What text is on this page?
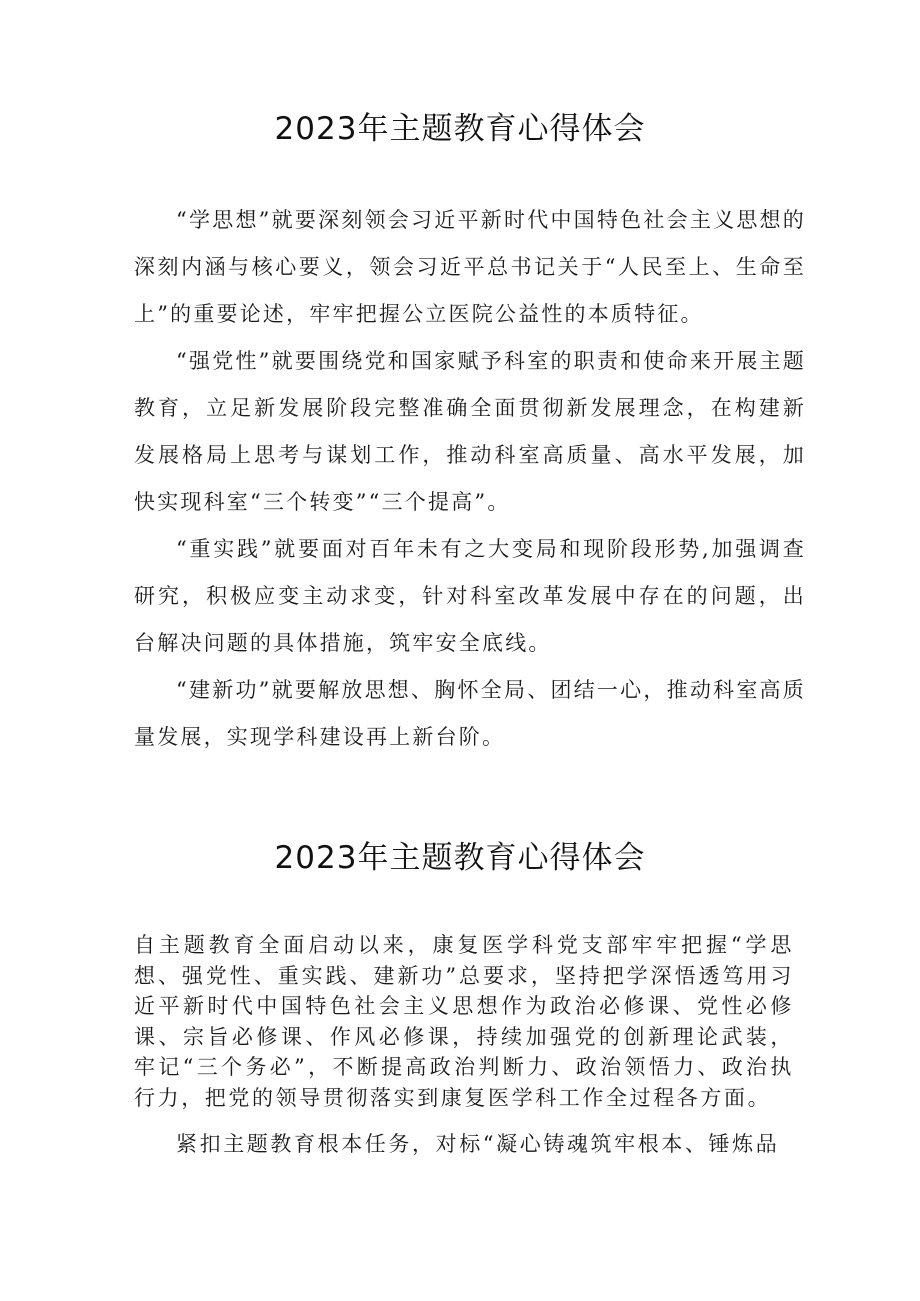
2023年主题教育心得体会

“学思想”就要深刻领会习近平新时代中国特色社会主义思想的深刻内涵与核心要义，领会习近平总书记关于“人民至上、生命至上”的重要论述，牢牢把握公立医院公益性的本质特征。

“强党性”就要围绕党和国家赋予科室的职责和使命来开展主题教育，立足新发展阶段完整准确全面贯彻新发展理念，在构建新发展格局上思考与谋划工作，推动科室高质量、高水平发展，加快实现科室“三个转变”“三个提高”。

“重实践”就要面对百年未有之大变局和现阶段形势,加强调查研究，积极应变主动求变，针对科室改革发展中存在的问题，出台解决问题的具体措施，筑牢安全底线。

“建新功”就要解放思想、胸怀全局、团结一心，推动科室高质量发展，实现学科建设再上新台阶。

2023年主题教育心得体会

自主题教育全面启动以来，康复医学科党支部牢牢把握“学思想、强党性、重实践、建新功”总要求，坚持把学深悟透笃用习近平新时代中国特色社会主义思想作为政治必修课、党性必修课、宗旨必修课、作风必修课，持续加强党的创新理论武装，牢记“三个务必”，不断提高政治判断力、政治领悟力、政治执行力，把党的领导贯彻落实到康复医学科工作全过程各方面。

紧扣主题教育根本任务，对标“凝心铸魂筑牢根本、锤炼品
